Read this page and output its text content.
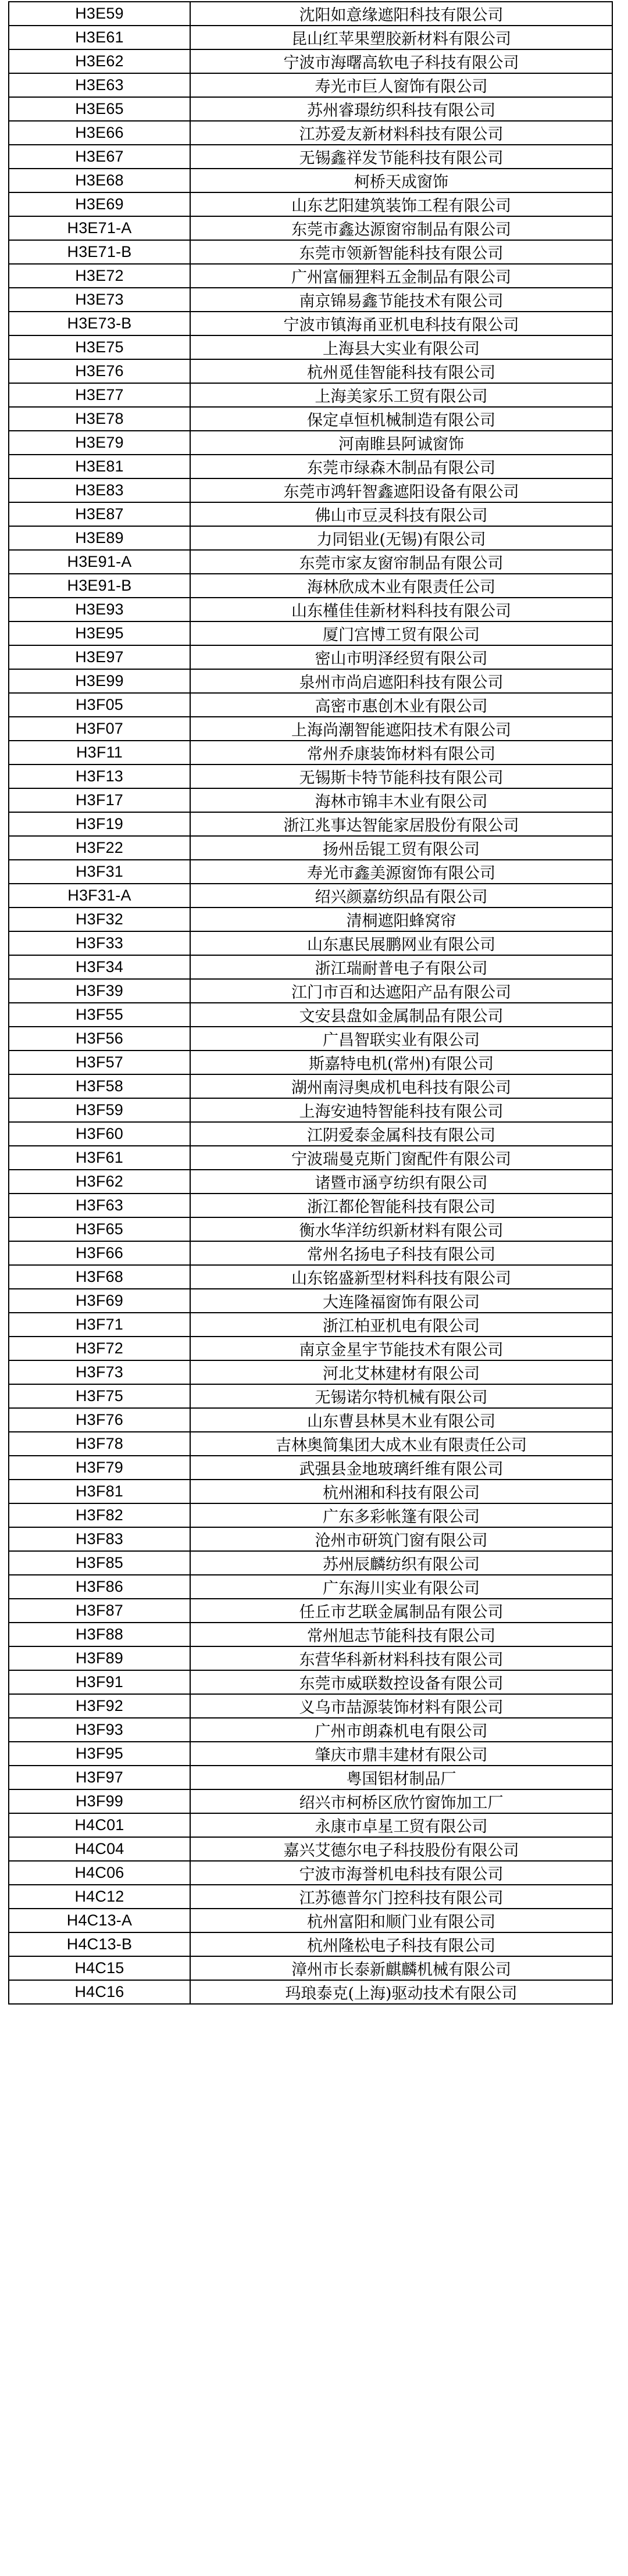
H3E59	沈阳如意缘遮阳科技有限公司
H3E61	昆山红苹果塑胶新材料有限公司
H3E62	宁波市海曙高软电子科技有限公司
H3E63	寿光市巨人窗饰有限公司
H3E65	苏州睿璟纺织科技有限公司
H3E66	江苏爱友新材料科技有限公司
H3E67	无锡鑫祥发节能科技有限公司
H3E68	柯桥天成窗饰
H3E69	山东艺阳建筑装饰工程有限公司
H3E71-A	东莞市鑫达源窗帘制品有限公司
H3E71-B	东莞市领新智能科技有限公司
H3E72	广州富俪狸料五金制品有限公司
H3E73	南京锦易鑫节能技术有限公司
H3E73-B	宁波市镇海甬亚机电科技有限公司
H3E75	上海县大实业有限公司
H3E76	杭州觅佳智能科技有限公司
H3E77	上海美家乐工贸有限公司
H3E78	保定卓恒机械制造有限公司
H3E79	河南睢县阿诚窗饰
H3E81	东莞市绿森木制品有限公司
H3E83	东莞市鸿轩智鑫遮阳设备有限公司
H3E87	佛山市豆灵科技有限公司
H3E89	力同铝业(无锡)有限公司
H3E91-A	东莞市家友窗帘制品有限公司
H3E91-B	海林欣成木业有限责任公司
H3E93	山东槿佳佳新材料科技有限公司
H3E95	厦门宫博工贸有限公司
H3E97	密山市明泽经贸有限公司
H3E99	泉州市尚启遮阳科技有限公司
H3F05	高密市惠创木业有限公司
H3F07	上海尚潮智能遮阳技术有限公司
H3F11	常州乔康装饰材料有限公司
H3F13	无锡斯卡特节能科技有限公司
H3F17	海林市锦丰木业有限公司
H3F19	浙江兆事达智能家居股份有限公司
H3F22	扬州岳锟工贸有限公司
H3F31	寿光市鑫美源窗饰有限公司
H3F31-A	绍兴颜嘉纺织品有限公司
H3F32	清桐遮阳蜂窝帘
H3F33	山东惠民展鹏网业有限公司
H3F34	浙江瑞耐普电子有限公司
H3F39	江门市百和达遮阳产品有限公司
H3F55	文安县盘如金属制品有限公司
H3F56	广昌智联实业有限公司
H3F57	斯嘉特电机(常州)有限公司
H3F58	湖州南浔奥成机电科技有限公司
H3F59	上海安迪特智能科技有限公司
H3F60	江阴爱泰金属科技有限公司
H3F61	宁波瑞曼克斯门窗配件有限公司
H3F62	诸暨市涵亨纺织有限公司
H3F63	浙江都伦智能科技有限公司
H3F65	衡水华洋纺织新材料有限公司
H3F66	常州名扬电子科技有限公司
H3F68	山东铭盛新型材料科技有限公司
H3F69	大连隆福窗饰有限公司
H3F71	浙江柏亚机电有限公司
H3F72	南京金星宇节能技术有限公司
H3F73	河北艾林建材有限公司
H3F75	无锡诺尔特机械有限公司
H3F76	山东曹县林昊木业有限公司
H3F78	吉林奥简集团大成木业有限责任公司
H3F79	武强县金地玻璃纤维有限公司
H3F81	杭州湘和科技有限公司
H3F82	广东多彩帐篷有限公司
H3F83	沧州市研筑门窗有限公司
H3F85	苏州辰麟纺织有限公司
H3F86	广东海川实业有限公司
H3F87	任丘市艺联金属制品有限公司
H3F88	常州旭志节能科技有限公司
H3F89	东营华科新材料科技有限公司
H3F91	东莞市威联数控设备有限公司
H3F92	义乌市喆源装饰材料有限公司
H3F93	广州市朗森机电有限公司
H3F95	肇庆市鼎丰建材有限公司
H3F97	粤国铝材制品厂
H3F99	绍兴市柯桥区欣竹窗饰加工厂
H4C01	永康市卓星工贸有限公司
H4C04	嘉兴艾德尔电子科技股份有限公司
H4C06	宁波市海誉机电科技有限公司
H4C12	江苏德普尔门控科技有限公司
H4C13-A	杭州富阳和顺门业有限公司
H4C13-B	杭州隆松电子科技有限公司
H4C15	漳州市长泰新麒麟机械有限公司
H4C16	玛琅泰克(上海)驱动技术有限公司
